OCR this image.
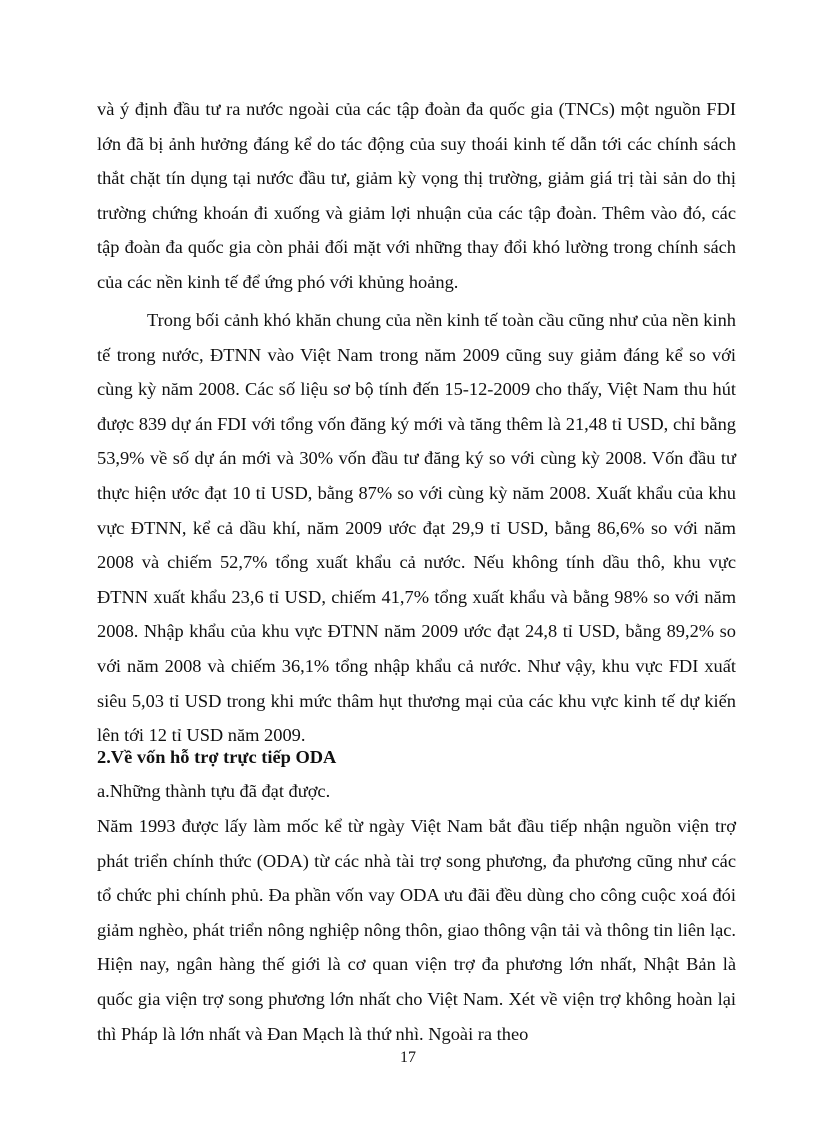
và ý định đầu tư ra nước ngoài của các tập đoàn đa quốc gia (TNCs) một nguồn FDI lớn đã bị ảnh hưởng đáng kể do tác động của suy thoái kinh tế dẫn tới các chính sách thắt chặt tín dụng tại nước đầu tư, giảm kỳ vọng thị trường, giảm giá trị tài sản do thị trường chứng khoán đi xuống và giảm lợi nhuận của các tập đoàn. Thêm vào đó, các tập đoàn đa quốc gia còn phải đối mặt với những thay đổi khó lường trong chính sách của các nền kinh tế để ứng phó với khủng hoảng.

Trong bối cảnh khó khăn chung của nền kinh tế toàn cầu cũng như của nền kinh tế trong nước, ĐTNN vào Việt Nam trong năm 2009 cũng suy giảm đáng kể so với cùng kỳ năm 2008. Các số liệu sơ bộ tính đến 15-12-2009 cho thấy, Việt Nam thu hút được 839 dự án FDI với tổng vốn đăng ký mới và tăng thêm là 21,48 tỉ USD, chỉ bằng 53,9% về số dự án mới và 30% vốn đầu tư đăng ký so với cùng kỳ 2008. Vốn đầu tư thực hiện ước đạt 10 tỉ USD, bằng 87% so với cùng kỳ năm 2008. Xuất khẩu của khu vực ĐTNN, kể cả dầu khí, năm 2009 ước đạt 29,9 tỉ USD, bằng 86,6% so với năm 2008 và chiếm 52,7% tổng xuất khẩu cả nước. Nếu không tính dầu thô, khu vực ĐTNN xuất khẩu 23,6 tỉ USD, chiếm 41,7% tổng xuất khẩu và bằng 98% so với năm 2008. Nhập khẩu của khu vực ĐTNN năm 2009 ước đạt 24,8 tỉ USD, bằng 89,2% so với năm 2008 và chiếm 36,1% tổng nhập khẩu cả nước. Như vậy, khu vực FDI xuất siêu 5,03 tỉ USD trong khi mức thâm hụt thương mại của các khu vực kinh tế dự kiến lên tới 12 tỉ USD năm 2009.

2.Về vốn hỗ trợ trực tiếp ODA
a.Những thành tựu đã đạt được.

Năm 1993 được lấy làm mốc kể từ ngày Việt Nam bắt đầu tiếp nhận nguồn viện trợ phát triển chính thức (ODA) từ các nhà tài trợ song phương, đa phương cũng như các tổ chức phi chính phủ. Đa phần vốn vay ODA ưu đãi đều dùng cho công cuộc xoá đói giảm nghèo, phát triển nông nghiệp nông thôn, giao thông vận tải và thông tin liên lạc. Hiện nay, ngân hàng thế giới là cơ quan viện trợ đa phương lớn nhất, Nhật Bản là quốc gia viện trợ song phương lớn nhất cho Việt Nam. Xét về viện trợ không hoàn lại thì Pháp là lớn nhất và Đan Mạch là thứ nhì. Ngoài ra theo

17
